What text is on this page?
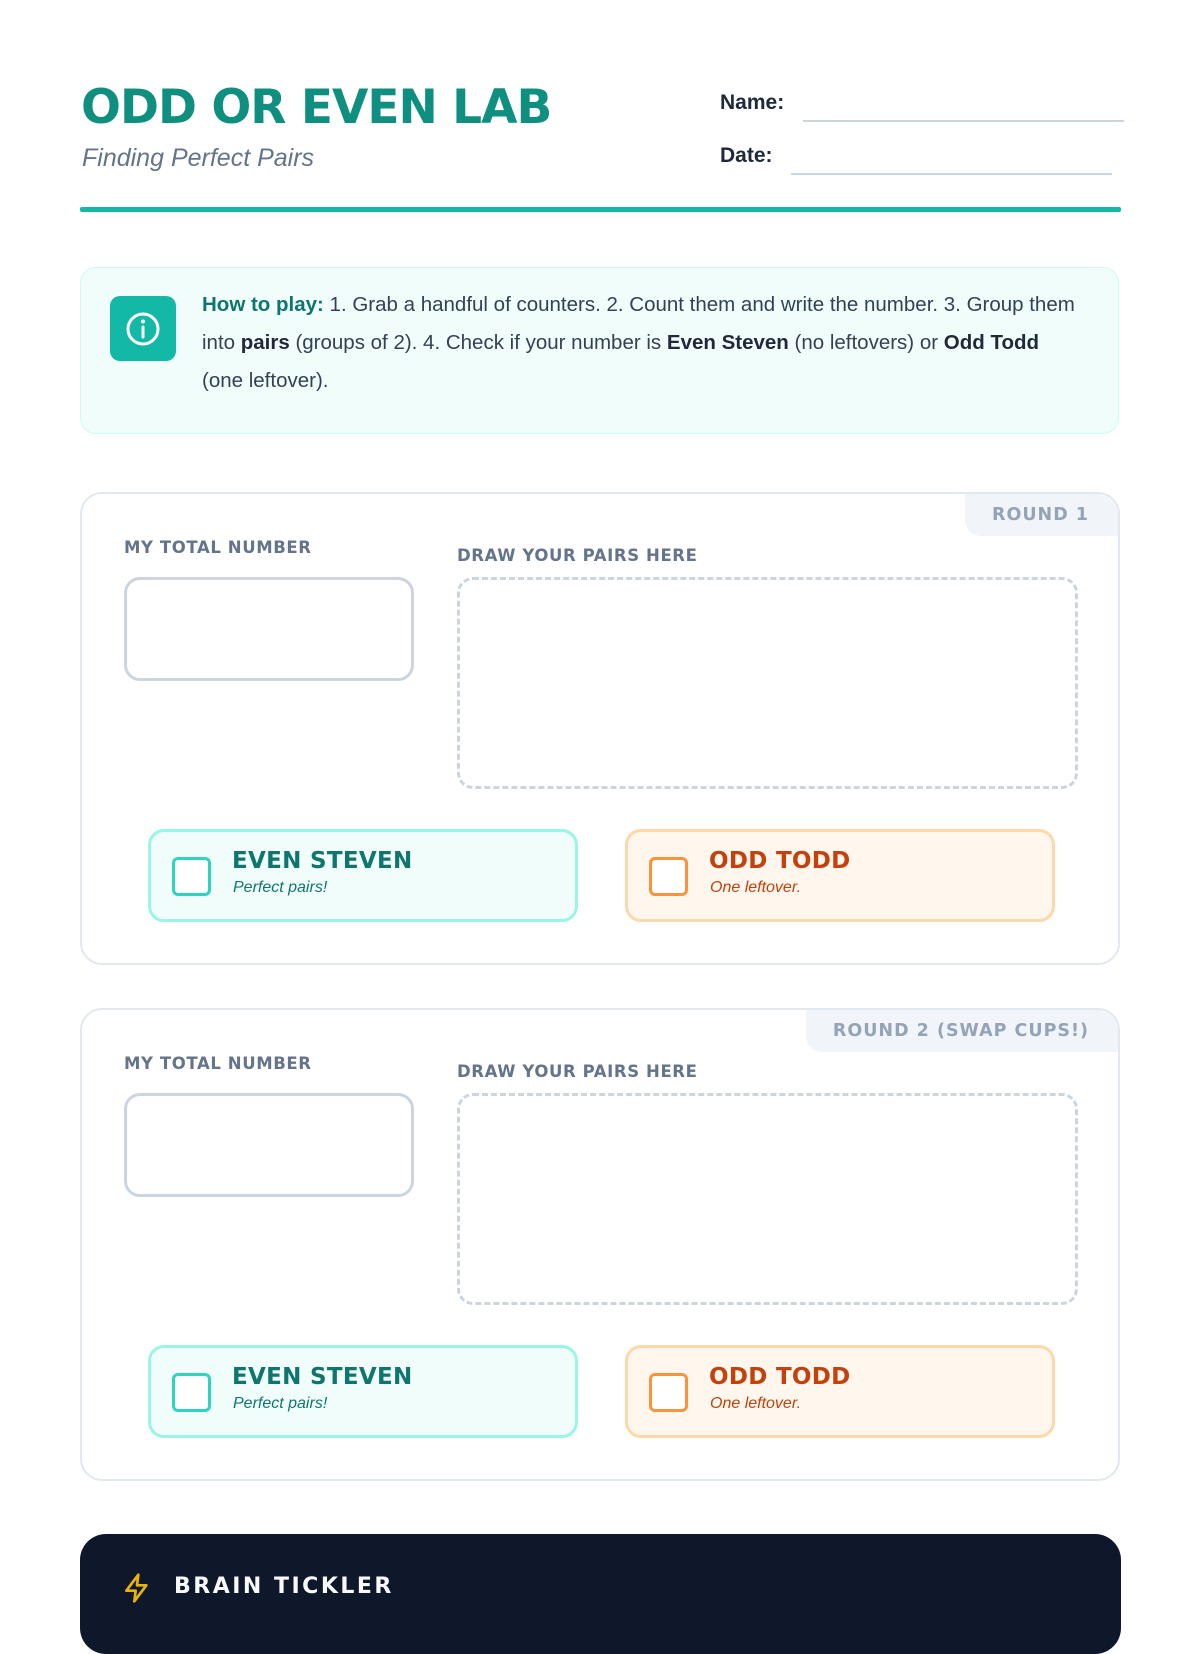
ODD OR EVEN LAB
Finding Perfect Pairs
Name:
Date:
How to play: 1. Grab a handful of counters. 2. Count them and write the number. 3. Group them into pairs (groups of 2). 4. Check if your number is Even Steven (no leftovers) or Odd Todd (one leftover).
ROUND 1
MY TOTAL NUMBER	DRAW YOUR PAIRS HERE
EVEN STEVEN
Perfect pairs!
ODD TODD
One leftover.
ROUND 2 (SWAP CUPS!)
MY TOTAL NUMBER	DRAW YOUR PAIRS HERE
EVEN STEVEN
Perfect pairs!
ODD TODD
One leftover.
BRAIN TICKLER
